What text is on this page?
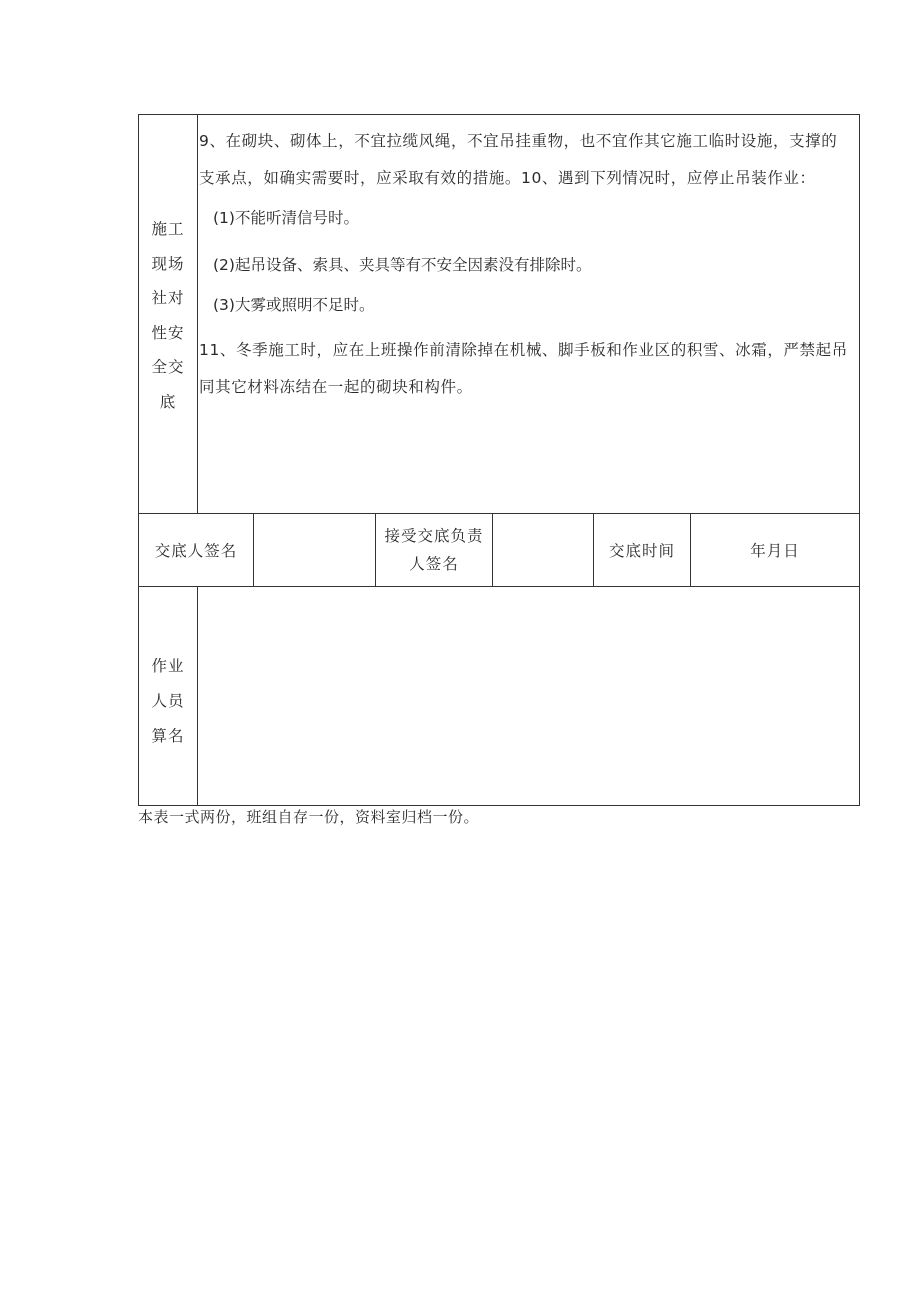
施工
现场
社对
性安
全交
底

9、在砌块、砌体上，不宜拉缆风绳，不宜吊挂重物，也不宜作其它施工临时设施，支撑的支承点，如确实需要时，应采取有效的措施。10、遇到下列情况时，应停止吊装作业：

(1)不能听清信号时。

(2)起吊设备、索具、夹具等有不安全因素没有排除时。

(3)大雾或照明不足时。

11、冬季施工时，应在上班操作前清除掉在机械、脚手板和作业区的积雪、冰霜，严禁起吊同其它材料冻结在一起的砌块和构件。

交底人签名
接受交底负责人签名
交底时间	年月日
作业
人员
算名
本表一式两份，班组自存一份，资料室归档一份。
